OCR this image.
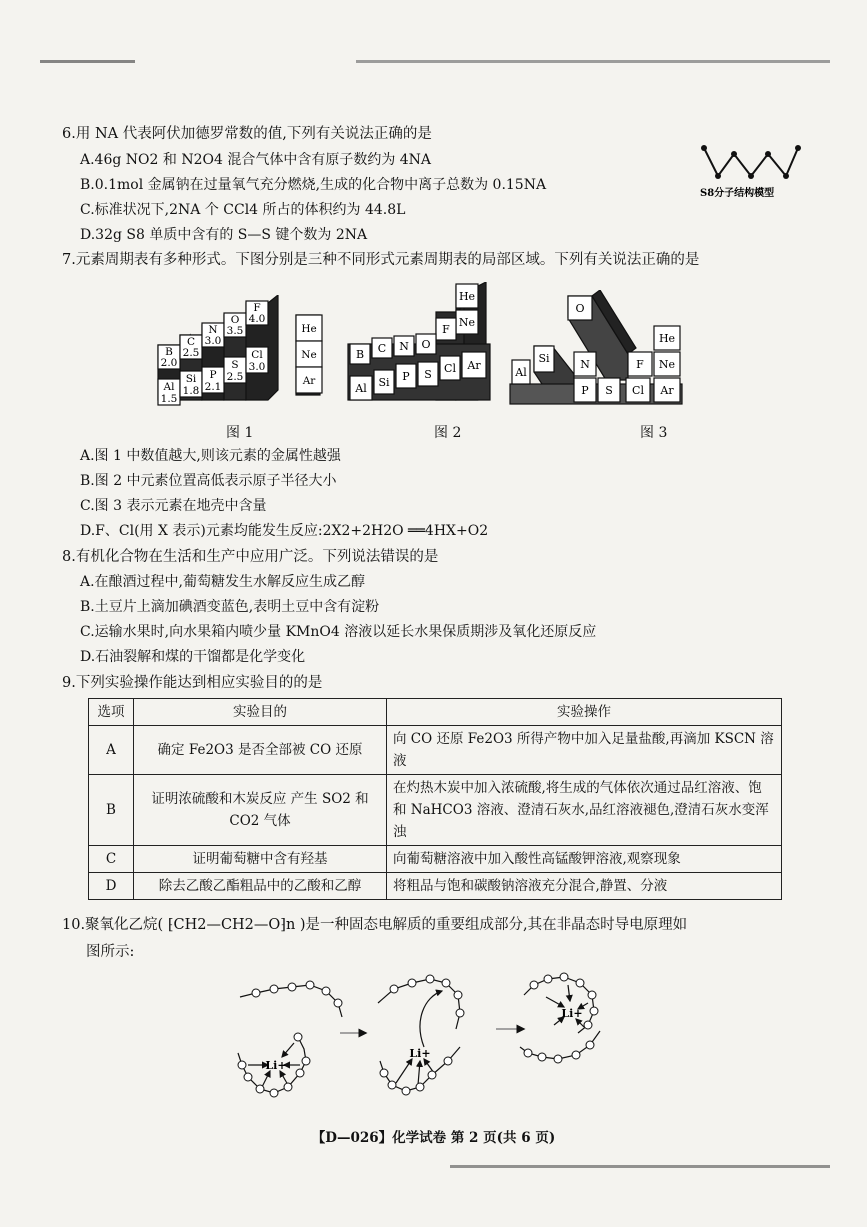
6.用 NA 代表阿伏加德罗常数的值,下列有关说法正确的是
A.46g NO2 和 N2O4 混合气体中含有原子数约为 4NA
B.0.1mol 金属钠在过量氧气充分燃烧,生成的化合物中离子总数为 0.15NA
C.标准状况下,2NA 个 CCl4 所占的体积约为 44.8L
D.32g S8 单质中含有的 S—S 键个数为 2NA
S8分子结构模型
7.元素周期表有多种形式。下图分别是三种不同形式元素周期表的局部区域。下列有关说法正确的是
B
2.0
C
2.5
N
3.0
O
3.5
F
4.0
Al
1.5
Si
1.8
P
2.1
S
2.5
Cl
3.0
He
Ne
Ar
B C N O
F
Ne
He
Al Si P S Cl Ar
O
Si
Al
N
P S
F
Cl
He
Ne
Ar
图 1	图 2	图 3
A.图 1 中数值越大,则该元素的金属性越强
B.图 2 中元素位置高低表示原子半径大小
C.图 3 表示元素在地壳中含量
D.F、Cl(用 X 表示)元素均能发生反应:2X2+2H2O ══4HX+O2
8.有机化合物在生活和生产中应用广泛。下列说法错误的是
A.在酿酒过程中,葡萄糖发生水解反应生成乙醇
B.土豆片上滴加碘酒变蓝色,表明土豆中含有淀粉
C.运输水果时,向水果箱内喷少量 KMnO4 溶液以延长水果保质期涉及氧化还原反应
D.石油裂解和煤的干馏都是化学变化
9.下列实验操作能达到相应实验目的的是
选项	实验目的	实验操作
A	确定 Fe2O3 是否全部被 CO 还原	向 CO 还原 Fe2O3 所得产物中加入足量盐酸,再滴加 KSCN 溶液
B	证明浓硫酸和木炭反应 产生 SO2 和 CO2 气体	在灼热木炭中加入浓硫酸,将生成的气体依次通过品红溶液、饱和 NaHCO3 溶液、澄清石灰水,品红溶液褪色,澄清石灰水变浑浊
C	证明葡萄糖中含有羟基	向葡萄糖溶液中加入酸性高锰酸钾溶液,观察现象
D	除去乙酸乙酯粗品中的乙酸和乙醇	将粗品与饱和碳酸钠溶液充分混合,静置、分液
10.聚氧化乙烷( ⁅CH2—CH2—O⁆n )是一种固态电解质的重要组成部分,其在非晶态时导电原理如
图所示:
Li+
Li+
Li+
【D—026】化学试卷 第 2 页(共 6 页)
